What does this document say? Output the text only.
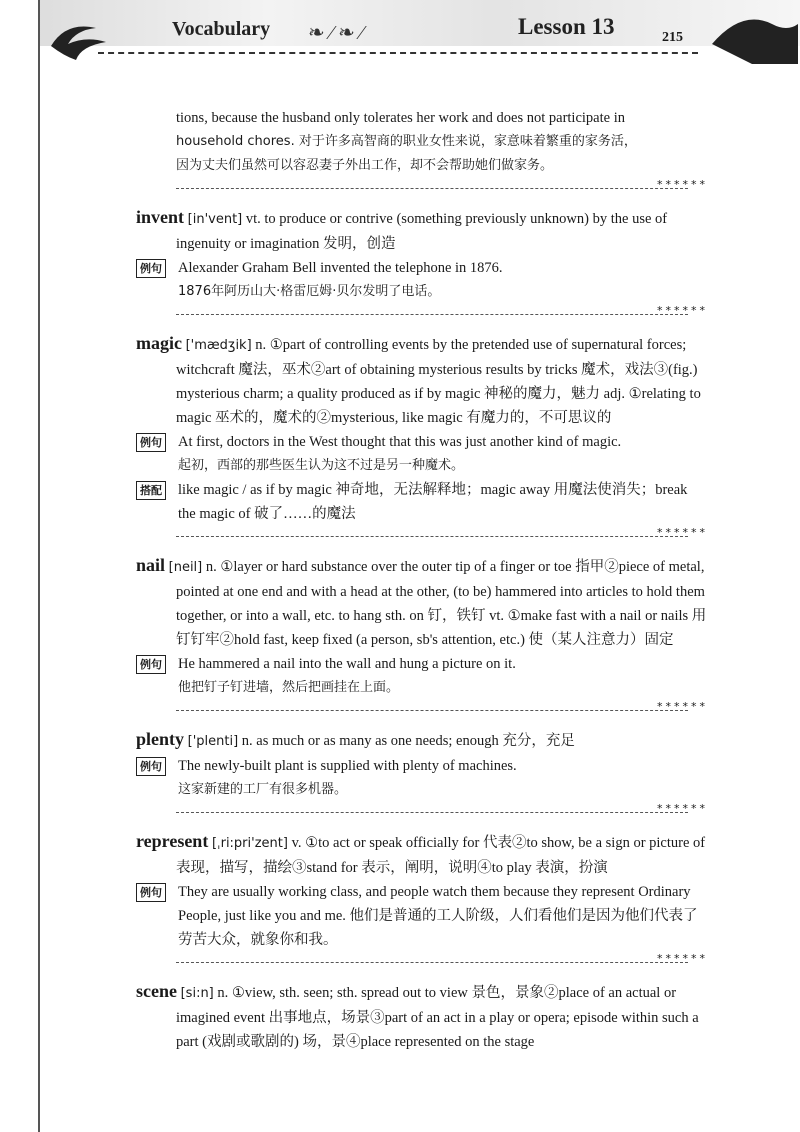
Vocabulary ❧ ⁄ ❧ ⁄	Lesson 13	215
tions, because the husband only tolerates her work and does not participate in
household chores. 对于许多高智商的职业女性来说，家意味着繁重的家务活，
因为丈夫们虽然可以容忍妻子外出工作，却不会帮助她们做家务。
******
invent [in'vent] vt. to produce or contrive (something previously unknown) by the use of ingenuity or imagination 发明，创造
例句 Alexander Graham Bell invented the telephone in 1876.
1876年阿历山大·格雷厄姆·贝尔发明了电话。
******
magic ['mædʒik] n. ①part of controlling events by the pretended use of supernatural forces; witchcraft 魔法，巫术②art of obtaining mysterious results by tricks 魔术，戏法③(fig.) mysterious charm; a quality produced as if by magic 神秘的魔力，魅力 adj. ①relating to magic 巫术的，魔术的②mysterious, like magic 有魔力的，不可思议的
例句 At first, doctors in the West thought that this was just another kind of magic.
起初，西部的那些医生认为这不过是另一种魔术。
搭配 like magic / as if by magic 神奇地，无法解释地；magic away 用魔法使消失；break the magic of 破了……的魔法
******
nail [neil] n. ①layer or hard substance over the outer tip of a finger or toe 指甲②piece of metal, pointed at one end and with a head at the other, (to be) hammered into articles to hold them together, or into a wall, etc. to hang sth. on 钉，铁钉 vt. ①make fast with a nail or nails 用钉钉牢②hold fast, keep fixed (a person, sb's attention, etc.) 使（某人注意力）固定
例句 He hammered a nail into the wall and hung a picture on it.
他把钉子钉进墙，然后把画挂在上面。
******
plenty ['plenti] n. as much or as many as one needs; enough 充分，充足
例句 The newly-built plant is supplied with plenty of machines.
这家新建的工厂有很多机器。
******
represent [ˌri:pri'zent] v. ①to act or speak officially for 代表②to show, be a sign or picture of 表现，描写，描绘③stand for 表示，阐明，说明④to play 表演，扮演
例句 They are usually working class, and people watch them because they represent Ordinary People, just like you and me. 他们是普通的工人阶级，人们看他们是因为他们代表了劳苦大众，就象你和我。
******
scene [si:n] n. ①view, sth. seen; sth. spread out to view 景色，景象②place of an actual or imagined event 出事地点，场景③part of an act in a play or opera; episode within such a part (戏剧或歌剧的) 场，景④place represented on the stage
